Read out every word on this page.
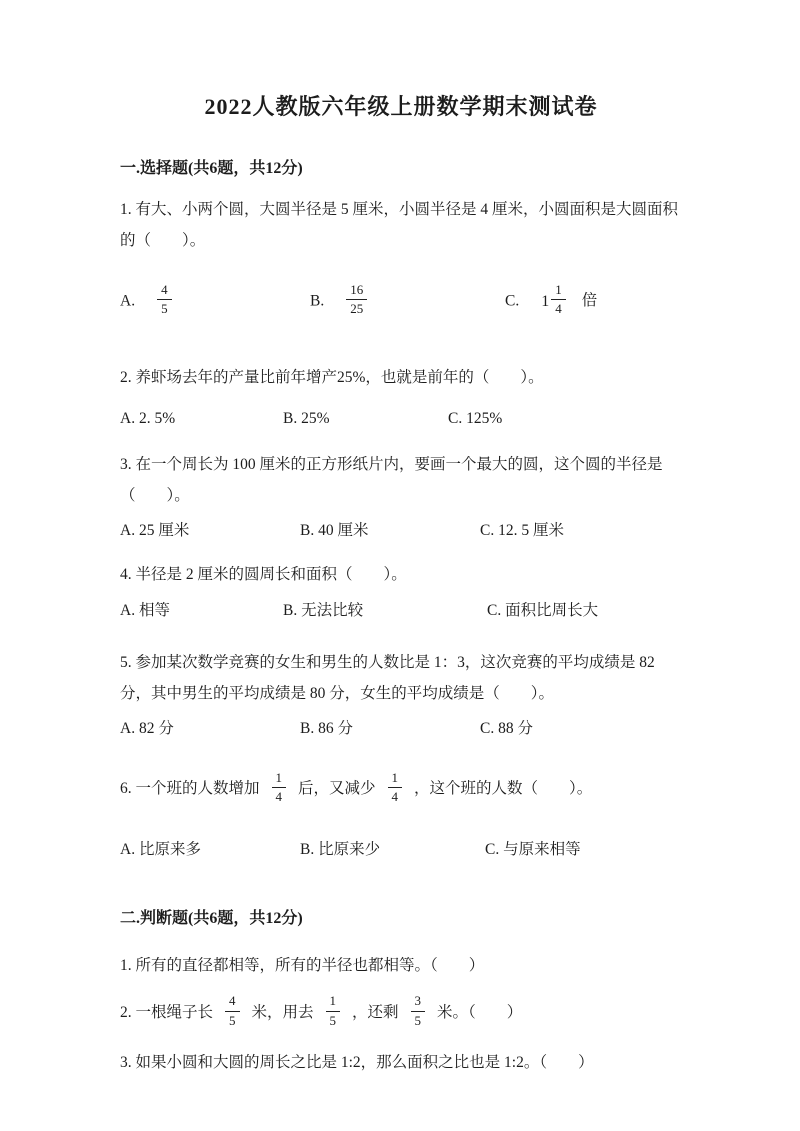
2022人教版六年级上册数学期末测试卷
一.选择题(共6题，共12分)
1. 有大、小两个圆，大圆半径是 5 厘米，小圆半径是 4 厘米，小圆面积是大圆面积的（　　）。
A. $\frac{4}{5}$	B. $\frac{16}{25}$	C. $1 \frac{1}{4}$ 倍
2. 养虾场去年的产量比前年增产25%，也就是前年的（　　）。
A. 2. 5%	B. 25%	C. 125%
3. 在一个周长为 100 厘米的正方形纸片内，要画一个最大的圆，这个圆的半径是（　　）。
A. 25 厘米	B. 40 厘米	C. 12. 5 厘米
4. 半径是 2 厘米的圆周长和面积（　　）。
A. 相等	B. 无法比较	C. 面积比周长大
5. 参加某次数学竞赛的女生和男生的人数比是 1：3，这次竞赛的平均成绩是 82 分，其中男生的平均成绩是 80 分，女生的平均成绩是（　　）。
A. 82 分	B. 86 分	C. 88 分
6. 一个班的人数增加 $\frac{1}{4}$ 后，又减少 $\frac{1}{4}$ ，这个班的人数（　　）。
A. 比原来多	B. 比原来少	C. 与原来相等
二.判断题(共6题，共12分)
1. 所有的直径都相等，所有的半径也都相等。（　　）
2. 一根绳子长 $\frac{4}{5}$ 米，用去 $\frac{1}{5}$ ，还剩 $\frac{3}{5}$ 米。（　　）
3. 如果小圆和大圆的周长之比是 1:2，那么面积之比也是 1:2。（　　）
